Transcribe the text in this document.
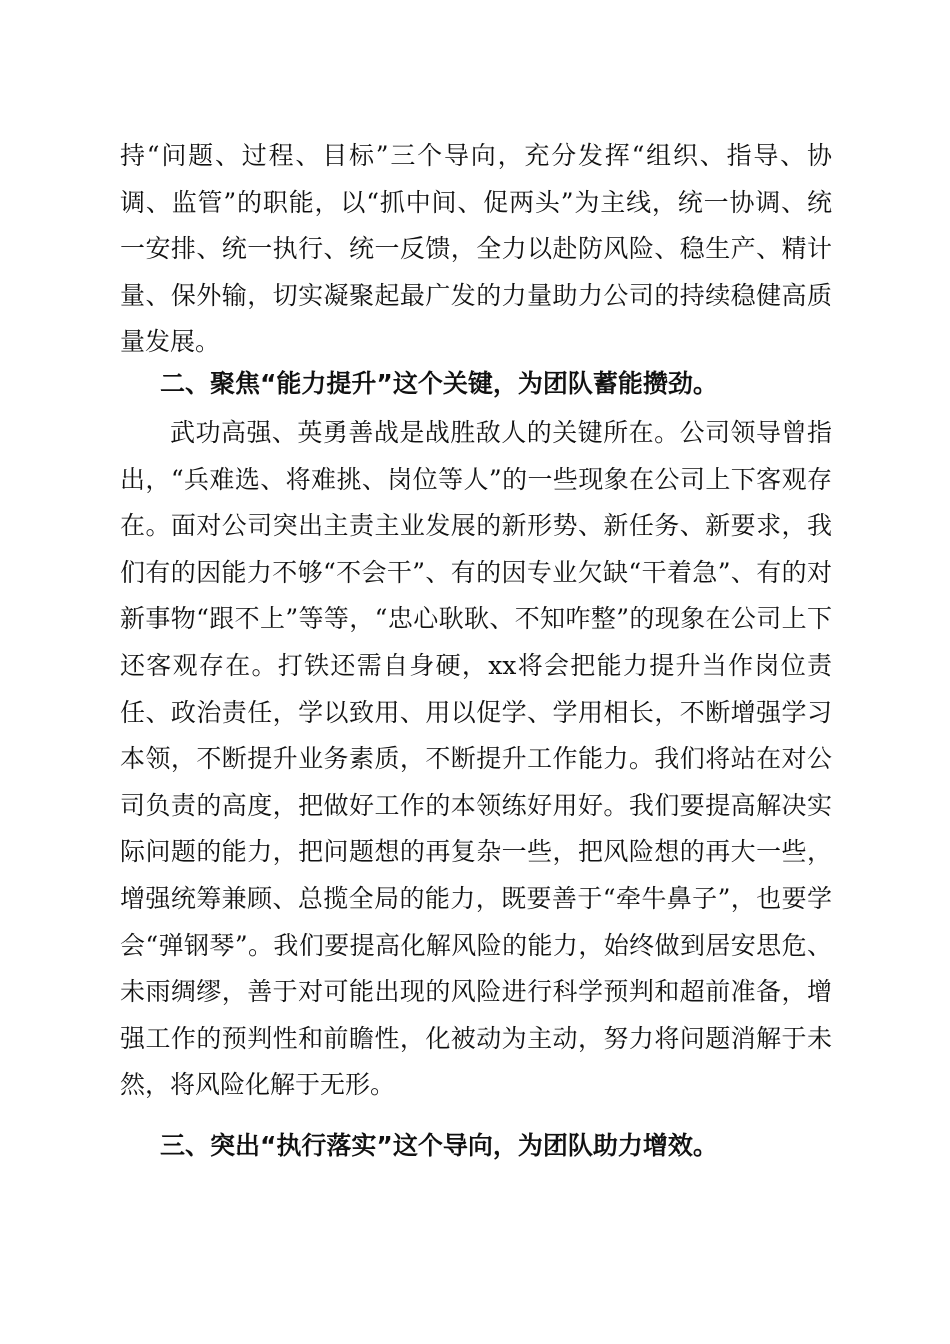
持“问题、过程、目标”三个导向，充分发挥“组织、指导、协调、监管”的职能，以“抓中间、促两头”为主线，统一协调、统一安排、统一执行、统一反馈，全力以赴防风险、稳生产、精计量、保外输，切实凝聚起最广发的力量助力公司的持续稳健高质量发展。

二、聚焦“能力提升”这个关键，为团队蓄能攒劲。

武功高强、英勇善战是战胜敌人的关键所在。公司领导曾指出，“兵难选、将难挑、岗位等人”的一些现象在公司上下客观存在。面对公司突出主责主业发展的新形势、新任务、新要求，我们有的因能力不够“不会干”、有的因专业欠缺“干着急”、有的对新事物“跟不上”等等，“忠心耿耿、不知咋整”的现象在公司上下还客观存在。打铁还需自身硬，xx将会把能力提升当作岗位责任、政治责任，学以致用、用以促学、学用相长，不断增强学习本领，不断提升业务素质，不断提升工作能力。我们将站在对公司负责的高度，把做好工作的本领练好用好。我们要提高解决实际问题的能力，把问题想的再复杂一些，把风险想的再大一些，增强统筹兼顾、总揽全局的能力，既要善于“牵牛鼻子”，也要学会“弹钢琴”。我们要提高化解风险的能力，始终做到居安思危、未雨绸缪，善于对可能出现的风险进行科学预判和超前准备，增强工作的预判性和前瞻性，化被动为主动，努力将问题消解于未然，将风险化解于无形。

三、突出“执行落实”这个导向，为团队助力增效。
